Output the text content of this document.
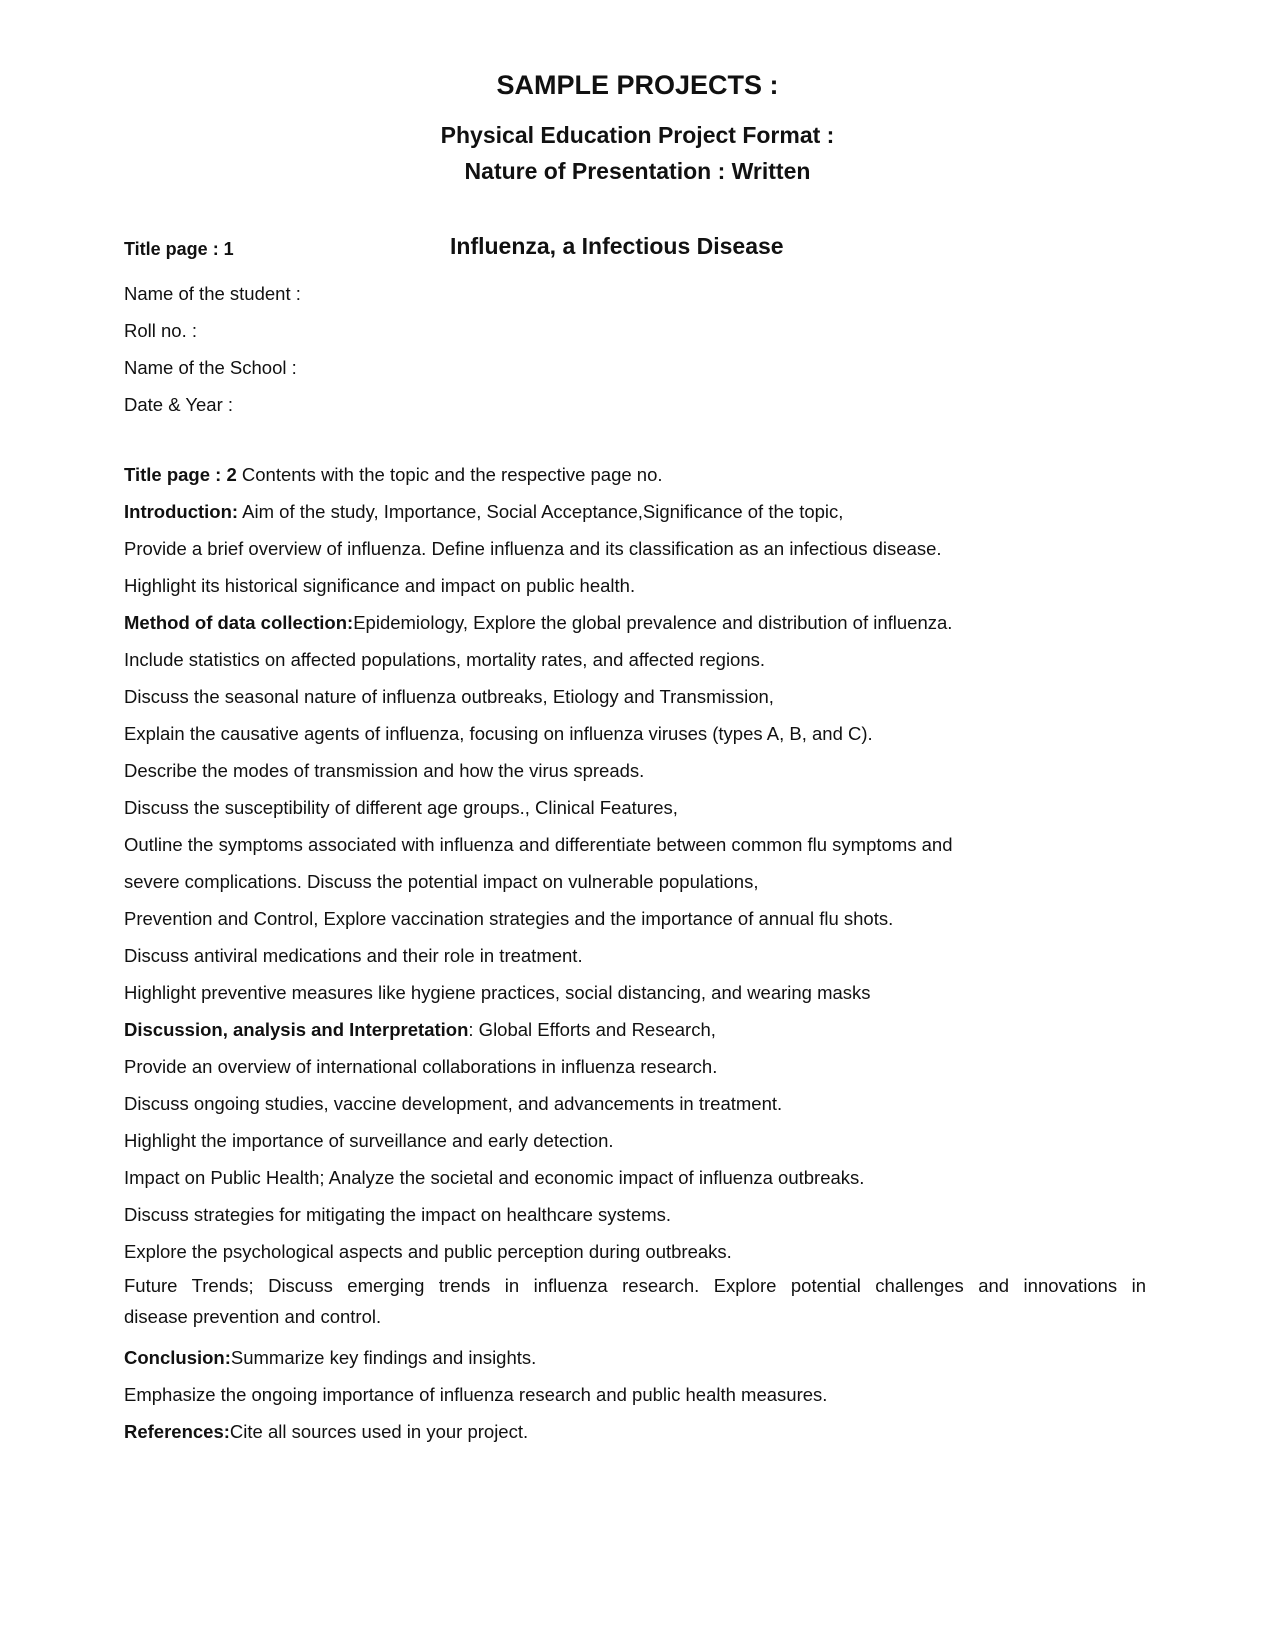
SAMPLE PROJECTS :
Physical Education Project Format :
Nature of Presentation : Written
Title page : 1	Influenza, a Infectious Disease
Name of the student :
Roll no. :
Name of the School :
Date & Year :
Title page : 2 Contents with the topic and the respective page no.
Introduction: Aim of the study, Importance, Social Acceptance,Significance of the topic,
Provide a brief overview of influenza. Define influenza and its classification as an infectious disease.
Highlight its historical significance and impact on public health.
Method of data collection:Epidemiology, Explore the global prevalence and distribution of influenza.
Include statistics on affected populations, mortality rates, and affected regions.
Discuss the seasonal nature of influenza outbreaks, Etiology and Transmission,
Explain the causative agents of influenza, focusing on influenza viruses (types A, B, and C).
Describe the modes of transmission and how the virus spreads.
Discuss the susceptibility of different age groups., Clinical Features,
Outline the symptoms associated with influenza and differentiate between common flu symptoms and
severe complications. Discuss the potential impact on vulnerable populations,
Prevention and Control, Explore vaccination strategies and the importance of annual flu shots.
Discuss antiviral medications and their role in treatment.
Highlight preventive measures like hygiene practices, social distancing, and wearing masks
Discussion, analysis and Interpretation: Global Efforts and Research,
Provide an overview of international collaborations in influenza research.
Discuss ongoing studies, vaccine development, and advancements in treatment.
Highlight the importance of surveillance and early detection.
Impact on Public Health; Analyze the societal and economic impact of influenza outbreaks.
Discuss strategies for mitigating the impact on healthcare systems.
Explore the psychological aspects and public perception during outbreaks.
Future Trends; Discuss emerging trends in influenza research. Explore potential challenges and innovations in
disease prevention and control.
Conclusion:Summarize key findings and insights.
Emphasize the ongoing importance of influenza research and public health measures.
References:Cite all sources used in your project.
